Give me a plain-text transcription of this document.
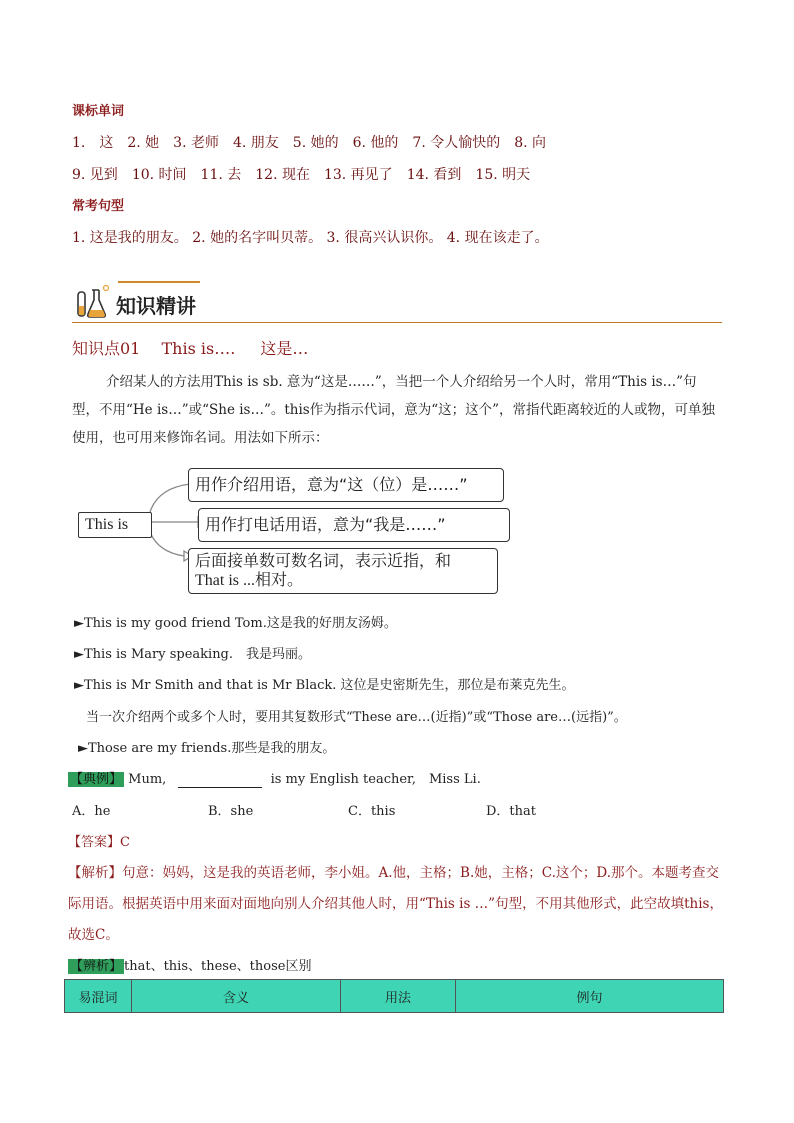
课标单词
1.　这 2. 她 3. 老师 4. 朋友 5. 她的 6. 他的 7. 令人愉快的 8. 向
9. 见到 10. 时间 11. 去 12. 现在 13. 再见了 14. 看到 15. 明天
常考句型
1. 这是我的朋友。 2. 她的名字叫贝蒂。 3. 很高兴认识你。 4. 现在该走了。
知识精讲
知识点01 This is…. 这是…
介绍某人的方法用This is sb. 意为“这是……”，当把一个人介绍给另一个人时，常用“This is…”句型，不用“He is…”或“She is…”。this作为指示代词，意为“这；这个”，常指代距离较近的人或物，可单独使用，也可用来修饰名词。用法如下所示：
This is
用作介绍用语，意为“这（位）是……”
用作打电话用语，意为“我是……”
后面接单数可数名词，表示近指，和
That is ...相对。
►This is my good friend Tom.这是我的好朋友汤姆。
►This is Mary speaking.　我是玛丽。
►This is Mr Smith and that is Mr Black. 这位是史密斯先生，那位是布莱克先生。
当一次介绍两个或多个人时，要用其复数形式“These are…(近指)”或“Those are…(远指)”。
►Those are my friends.那些是我的朋友。
【典例】 Mum,	is my English teacher,　Miss Li.
A．he	B．she	C．this	D．that
【答案】C
【解析】句意：妈妈，这是我的英语老师，李小姐。A.他，主格；B.她，主格；C.这个；D.那个。本题考查交际用语。根据英语中用来面对面地向别人介绍其他人时，用“This is …”句型，不用其他形式，此空故填this，故选C。
【辨析】 that、this、these、those区别
易混词	含义	用法	例句
